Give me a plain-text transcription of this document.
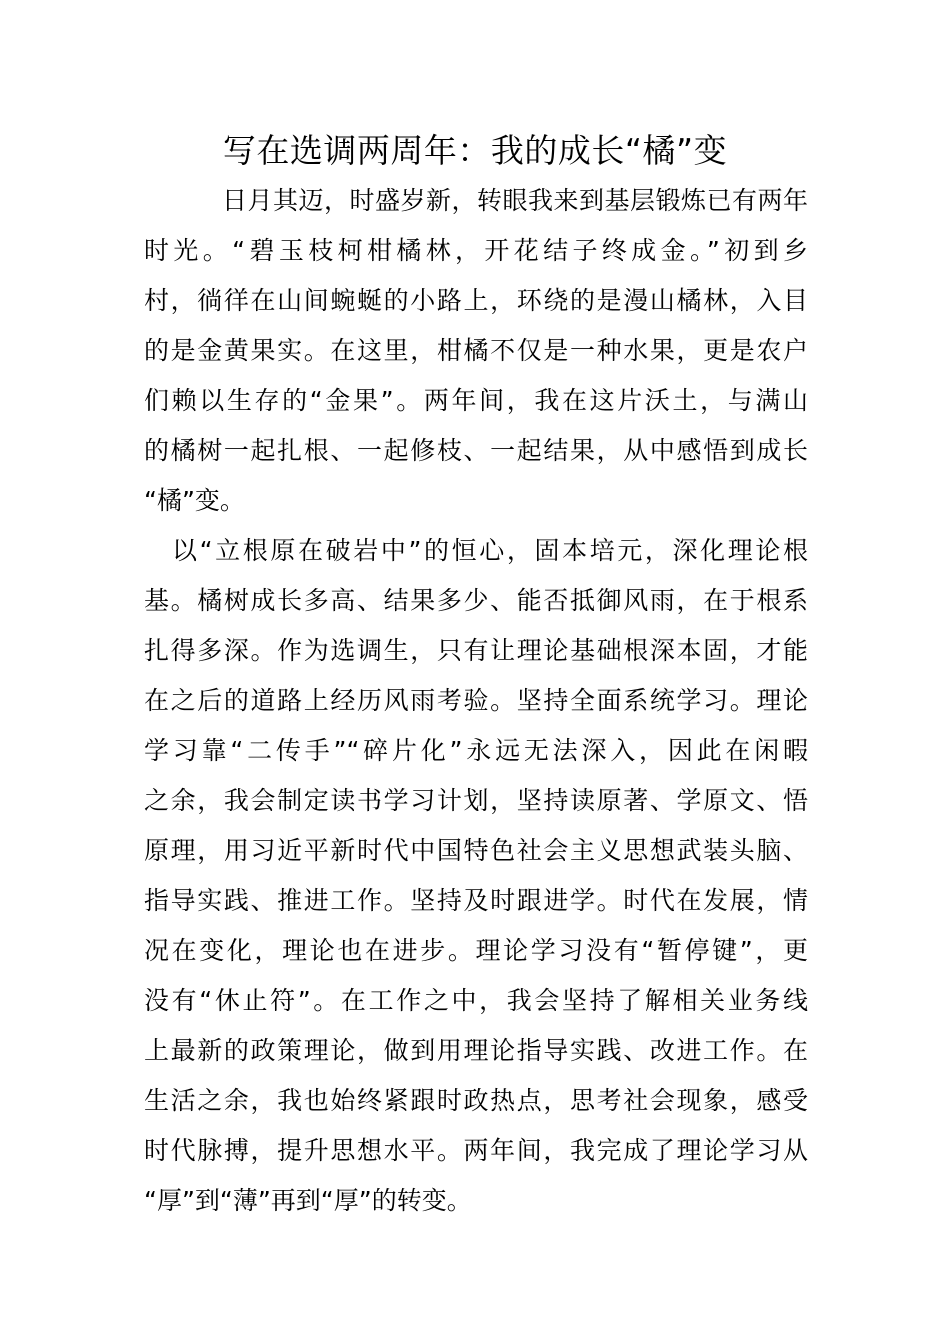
写在选调两周年：我的成长“橘”变
日月其迈，时盛岁新，转眼我来到基层锻炼已有两年
时光。“碧玉枝柯柑橘林，开花结子终成金。”初到乡
村，徜徉在山间蜿蜒的小路上，环绕的是漫山橘林，入目
的是金黄果实。在这里，柑橘不仅是一种水果，更是农户
们赖以生存的“金果”。两年间，我在这片沃土，与满山
的橘树一起扎根、一起修枝、一起结果，从中感悟到成长
“橘”变。
以“立根原在破岩中”的恒心，固本培元，深化理论根
基。橘树成长多高、结果多少、能否抵御风雨，在于根系
扎得多深。作为选调生，只有让理论基础根深本固，才能
在之后的道路上经历风雨考验。坚持全面系统学习。理论
学习靠“二传手”“碎片化”永远无法深入，因此在闲暇
之余，我会制定读书学习计划，坚持读原著、学原文、悟
原理，用习近平新时代中国特色社会主义思想武装头脑、
指导实践、推进工作。坚持及时跟进学。时代在发展，情
况在变化，理论也在进步。理论学习没有“暂停键”，更
没有“休止符”。在工作之中，我会坚持了解相关业务线
上最新的政策理论，做到用理论指导实践、改进工作。在
生活之余，我也始终紧跟时政热点，思考社会现象，感受
时代脉搏，提升思想水平。两年间，我完成了理论学习从
“厚”到“薄”再到“厚”的转变。
